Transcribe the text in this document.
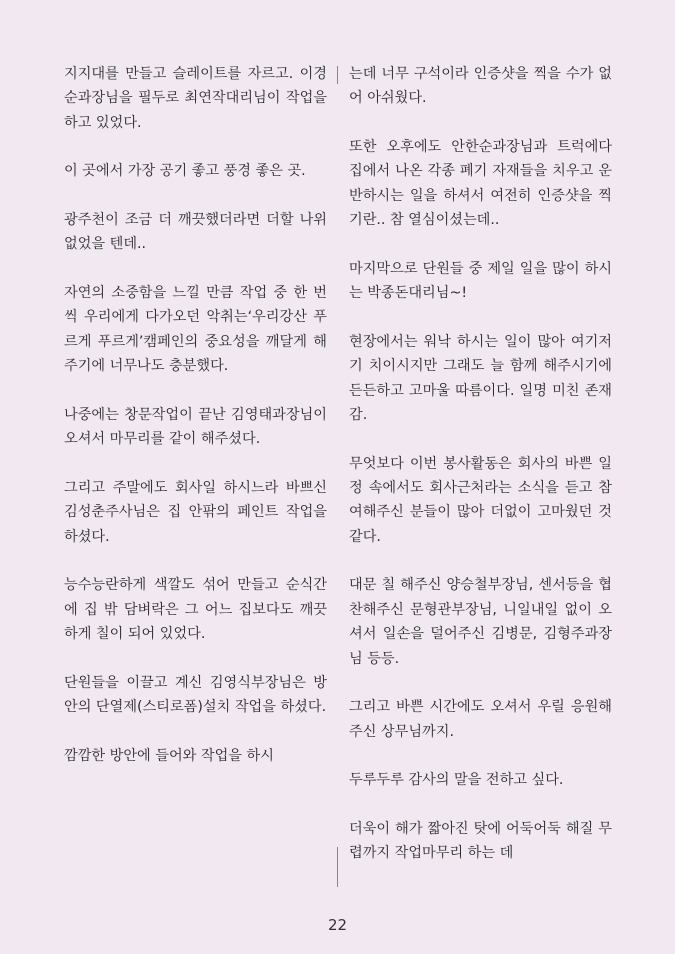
지지대를 만들고 슬레이트를 자르고. 이경순과장님을 필두로 최연작대리님이 작업을 하고 있었다.

이 곳에서 가장 공기 좋고 풍경 좋은 곳.

광주천이 조금 더 깨끗했더라면 더할 나위 없었을 텐데..

자연의 소중함을 느낄 만큼 작업 중 한 번씩 우리에게 다가오던 악취는‘우리강산 푸르게 푸르게’캠페인의 중요성을 깨달게 해주기에 너무나도 충분했다.

나중에는 창문작업이 끝난 김영태과장님이 오셔서 마무리를 같이 해주셨다.

그리고 주말에도 회사일 하시느라 바쁘신 김성춘주사님은 집 안팎의 페인트 작업을 하셨다.

능수능란하게 색깔도 섞어 만들고 순식간에 집 밖 담벼락은 그 어느 집보다도 깨끗하게 칠이 되어 있었다.

단원들을 이끌고 계신 김영식부장님은 방안의 단열제(스티로폼)설치 작업을 하셨다.

깜깜한 방안에 들어와 작업을 하시

는데 너무 구석이라 인증샷을 찍을 수가 없어 아쉬웠다.

또한 오후에도 안한순과장님과 트럭에다 집에서 나온 각종 폐기 자재들을 치우고 운반하시는 일을 하셔서 여전히 인증샷을 찍기란.. 참 열심이셨는데..

마지막으로 단원들 중 제일 일을 많이 하시는 박종돈대리님~!

현장에서는 워낙 하시는 일이 많아 여기저기 치이시지만 그래도 늘 함께 해주시기에 든든하고 고마울 따름이다. 일명 미친 존재감.

무엇보다 이번 봉사활동은 회사의 바쁜 일정 속에서도 회사근처라는 소식을 듣고 참여해주신 분들이 많아 더없이 고마웠던 것 같다.

대문 칠 해주신 양승철부장님, 센서등을 협찬해주신 문형관부장님, 니일내일 없이 오셔서 일손을 덜어주신 김병문, 김형주과장님 등등.

그리고 바쁜 시간에도 오셔서 우릴 응원해주신 상무님까지.

두루두루 감사의 말을 전하고 싶다.

더욱이 해가 짧아진 탓에 어둑어둑 해질 무렵까지 작업마무리 하는 데

22
